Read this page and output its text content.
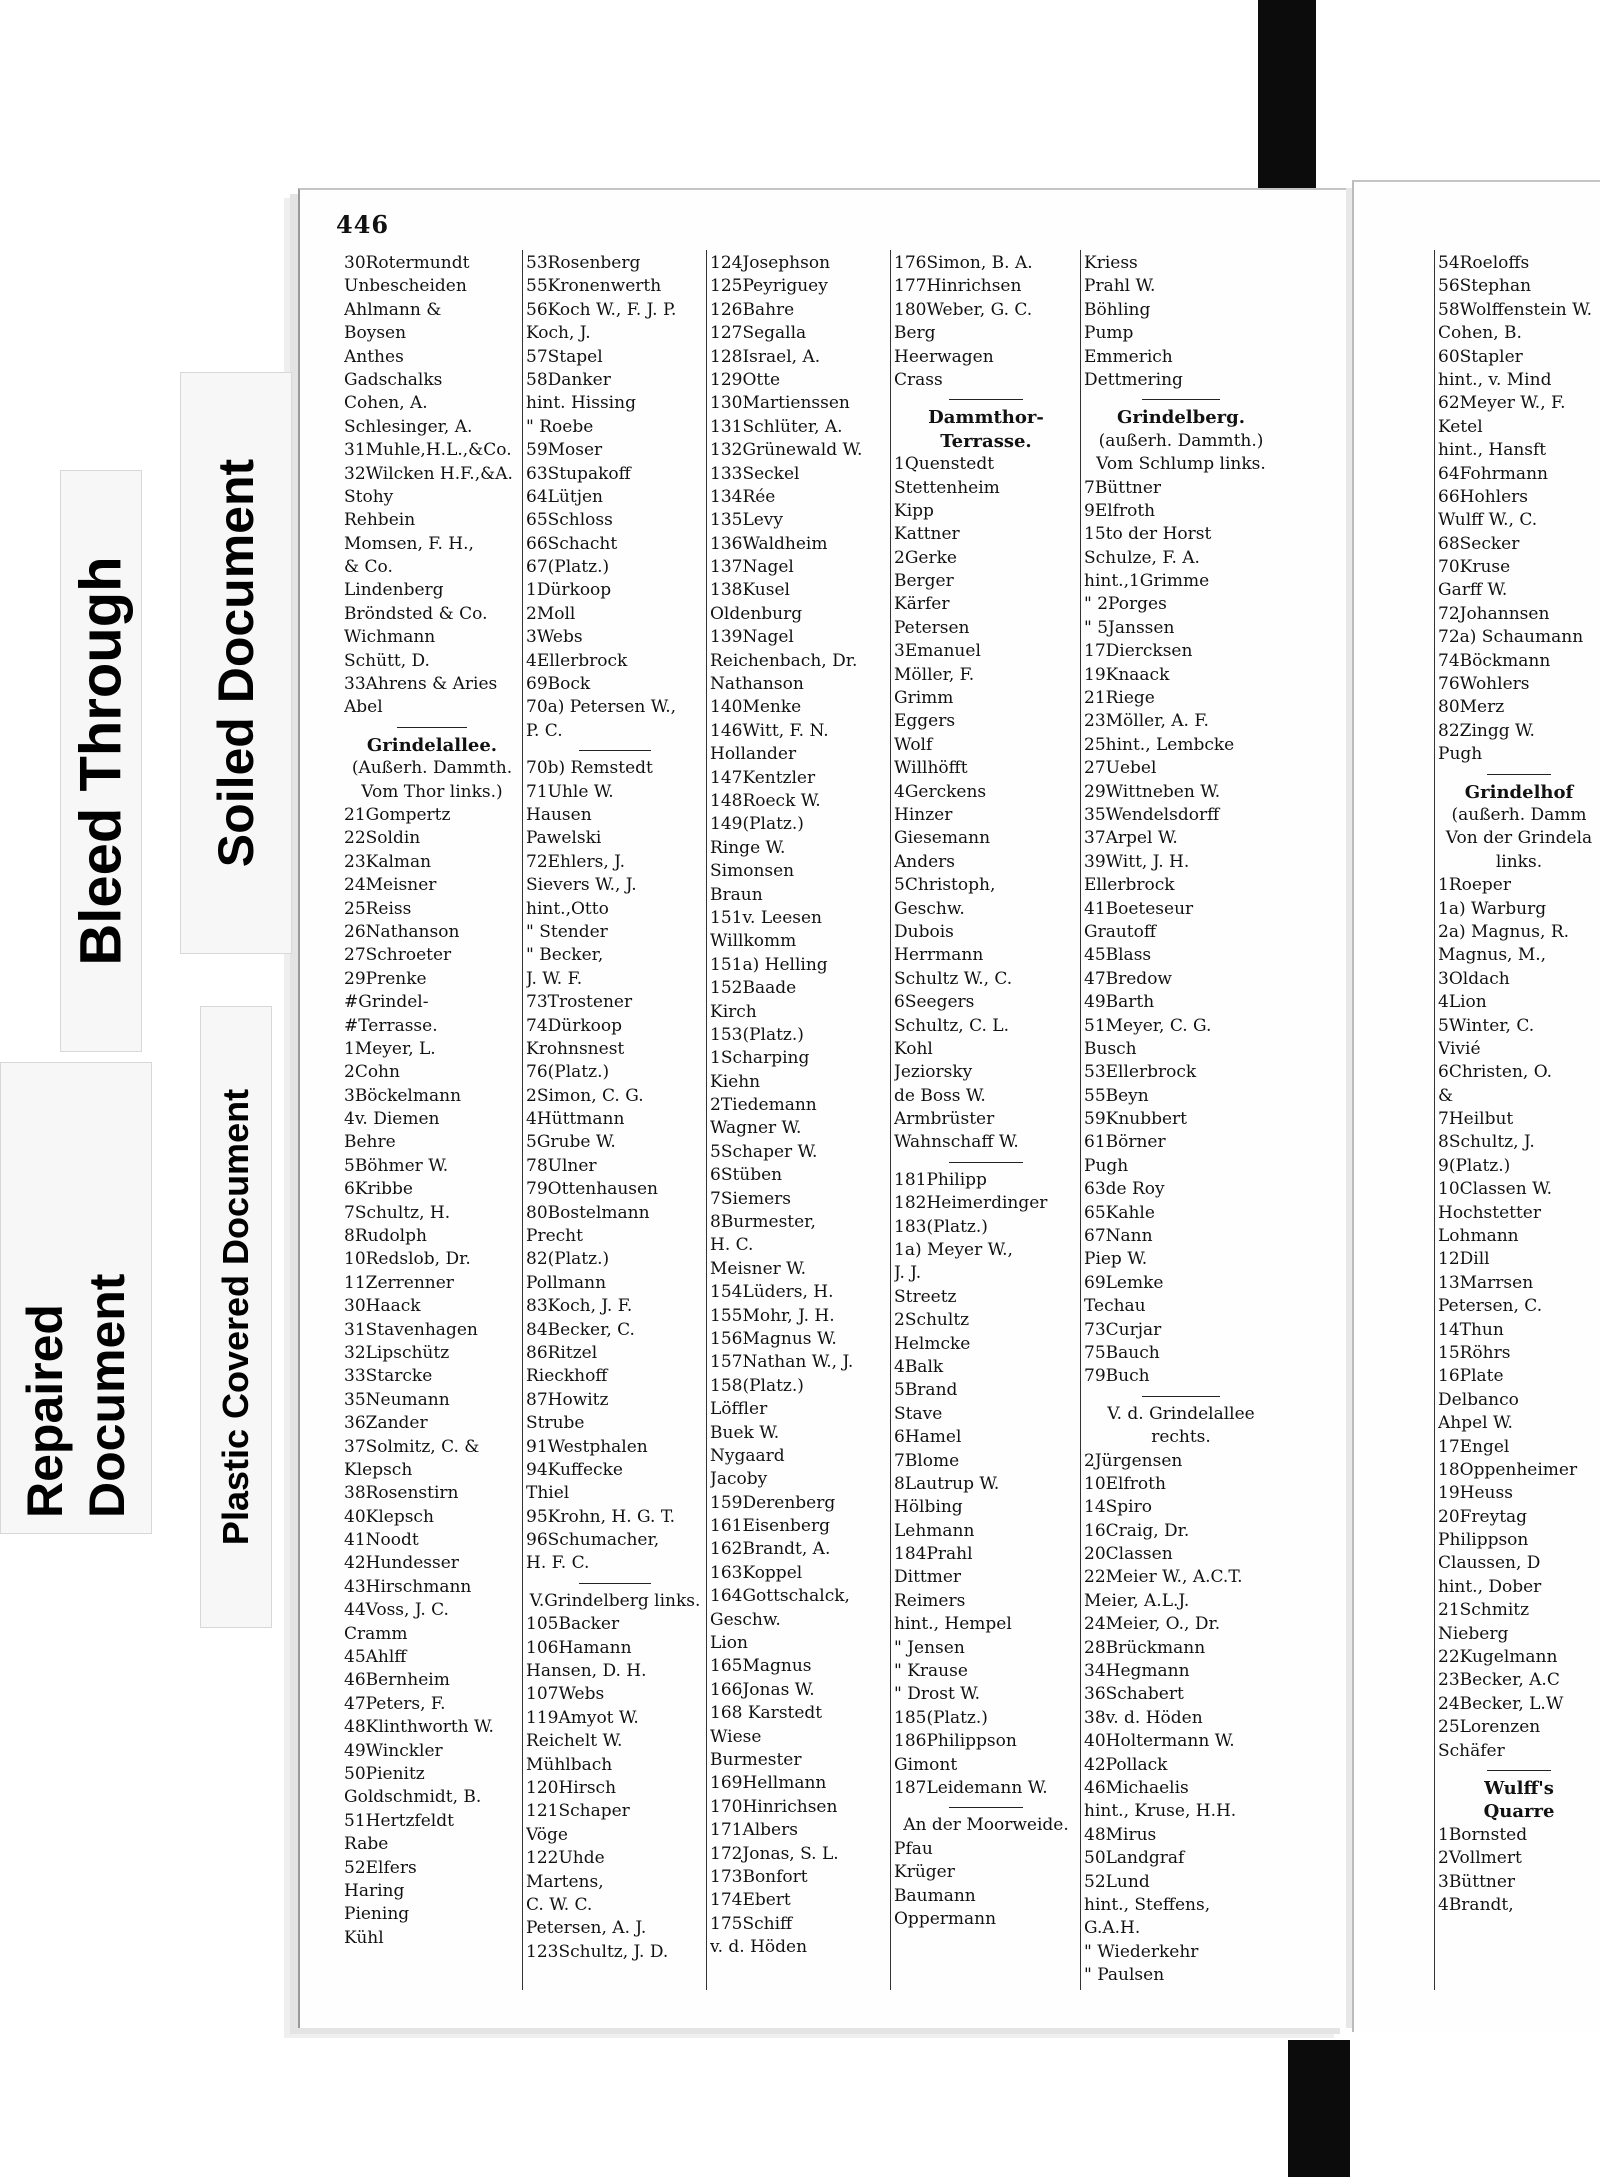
Repaired Document Plastic Covered Document
Bleed Through Soiled Document
446
30Rotermundt
Unbescheiden
Ahlmann &
Boysen
Anthes
Gadschalks
Cohen, A.
Schlesinger, A.
31Muhle,H.L.,&Co.
32Wilcken H.F.,&A.
Stohy
Rehbein
Momsen, F. H.,
& Co.
Lindenberg
Bröndsted & Co.
Wichmann
Schütt, D.
33Ahrens & Aries
Abel
Grindelallee.
(Außerh. Dammth.
Vom Thor links.)
21Gompertz
22Soldin
23Kalman
24Meisner
25Reiss
26Nathanson
27Schroeter
29Prenke
#Grindel-
#Terrasse.
1Meyer, L.
2Cohn
3Böckelmann
4v. Diemen
Behre
5Böhmer W.
6Kribbe
7Schultz, H.
8Rudolph
10Redslob, Dr.
11Zerrenner
30Haack
31Stavenhagen
32Lipschütz
33Starcke
35Neumann
36Zander
37Solmitz, C. &
Klepsch
38Rosenstirn
40Klepsch
41Noodt
42Hundesser
43Hirschmann
44Voss, J. C.
Cramm
45Ahlff
46Bernheim
47Peters, F.
48Klinthworth W.
49Winckler
50Pienitz
Goldschmidt, B.
51Hertzfeldt
Rabe
52Elfers
Haring
Piening
Kühl
53Rosenberg
55Kronenwerth
56Koch W., F. J. P.
Koch, J.
57Stapel
58Danker
hint. Hissing
" Roebe
59Moser
63Stupakoff
64Lütjen
65Schloss
66Schacht
67(Platz.)
1Dürkoop
2Moll
3Webs
4Ellerbrock
69Bock
70a) Petersen W.,
P. C.
70b) Remstedt
71Uhle W.
Hausen
Pawelski
72Ehlers, J.
Sievers W., J.
hint.,Otto
" Stender
" Becker,
J. W. F.
73Trostener
74Dürkoop
Krohnsnest
76(Platz.)
2Simon, C. G.
4Hüttmann
5Grube W.
78Ulner
79Ottenhausen
80Bostelmann
Precht
82(Platz.)
Pollmann
83Koch, J. F.
84Becker, C.
86Ritzel
Rieckhoff
87Howitz
Strube
91Westphalen
94Kuffecke
Thiel
95Krohn, H. G. T.
96Schumacher,
H. F. C.
V.Grindelberg links.
105Backer
106Hamann
Hansen, D. H.
107Webs
119Amyot W.
Reichelt W.
Mühlbach
120Hirsch
121Schaper
Vöge
122Uhde
Martens,
C. W. C.
Petersen, A. J.
123Schultz, J. D.
124Josephson
125Peyriguey
126Bahre
127Segalla
128Israel, A.
129Otte
130Martienssen
131Schlüter, A.
132Grünewald W.
133Seckel
134Rée
135Levy
136Waldheim
137Nagel
138Kusel
Oldenburg
139Nagel
Reichenbach, Dr.
Nathanson
140Menke
146Witt, F. N.
Hollander
147Kentzler
148Roeck W.
149(Platz.)
Ringe W.
Simonsen
Braun
151v. Leesen
Willkomm
151a) Helling
152Baade
Kirch
153(Platz.)
1Scharping
Kiehn
2Tiedemann
Wagner W.
5Schaper W.
6Stüben
7Siemers
8Burmester,
H. C.
Meisner W.
154Lüders, H.
155Mohr, J. H.
156Magnus W.
157Nathan W., J.
158(Platz.)
Löffler
Buek W.
Nygaard
Jacoby
159Derenberg
161Eisenberg
162Brandt, A.
163Koppel
164Gottschalck,
Geschw.
Lion
165Magnus
166Jonas W.
168 Karstedt
Wiese
Burmester
169Hellmann
170Hinrichsen
171Albers
172Jonas, S. L.
173Bonfort
174Ebert
175Schiff
v. d. Höden
176Simon, B. A.
177Hinrichsen
180Weber, G. C.
Berg
Heerwagen
Crass
Dammthor-
Terrasse.
1Quenstedt
Stettenheim
Kipp
Kattner
2Gerke
Berger
Kärfer
Petersen
3Emanuel
Möller, F.
Grimm
Eggers
Wolf
Willhöfft
4Gerckens
Hinzer
Giesemann
Anders
5Christoph,
Geschw.
Dubois
Herrmann
Schultz W., C.
6Seegers
Schultz, C. L.
Kohl
Jeziorsky
de Boss W.
Armbrüster
Wahnschaff W.
181Philipp
182Heimerdinger
183(Platz.)
1a) Meyer W.,
J. J.
Streetz
2Schultz
Helmcke
4Balk
5Brand
Stave
6Hamel
7Blome
8Lautrup W.
Hölbing
Lehmann
184Prahl
Dittmer
Reimers
hint., Hempel
" Jensen
" Krause
" Drost W.
185(Platz.)
186Philippson
Gimont
187Leidemann W.
An der Moorweide.
Pfau
Krüger
Baumann
Oppermann
Kriess
Prahl W.
Böhling
Pump
Emmerich
Dettmering
Grindelberg.
(außerh. Dammth.)
Vom Schlump links.
7Büttner
9Elfroth
15to der Horst
Schulze, F. A.
hint.,1Grimme
" 2Porges
" 5Janssen
17Diercksen
19Knaack
21Riege
23Möller, A. F.
25hint., Lembcke
27Uebel
29Wittneben W.
35Wendelsdorff
37Arpel W.
39Witt, J. H.
Ellerbrock
41Boeteseur
Grautoff
45Blass
47Bredow
49Barth
51Meyer, C. G.
Busch
53Ellerbrock
55Beyn
59Knubbert
61Börner
Pugh
63de Roy
65Kahle
67Nann
Piep W.
69Lemke
Techau
73Curjar
75Bauch
79Buch
V. d. Grindelallee
rechts.
2Jürgensen
10Elfroth
14Spiro
16Craig, Dr.
20Classen
22Meier W., A.C.T.
Meier, A.L.J.
24Meier, O., Dr.
28Brückmann
34Hegmann
36Schabert
38v. d. Höden
40Holtermann W.
42Pollack
46Michaelis
hint., Kruse, H.H.
48Mirus
50Landgraf
52Lund
hint., Steffens,
G.A.H.
" Wiederkehr
" Paulsen
54Roeloffs
56Stephan
58Wolffenstein W.
Cohen, B.
60Stapler
hint., v. Mind
62Meyer W., F.
Ketel
hint., Hansft
64Fohrmann
66Hohlers
Wulff W., C.
68Secker
70Kruse
Garff W.
72Johannsen
72a) Schaumann
74Böckmann
76Wohlers
80Merz
82Zingg W.
Pugh
Grindelhof
(außerh. Damm
Von der Grindela
links.
1Roeper
1a) Warburg
2a) Magnus, R.
Magnus, M.,
3Oldach
4Lion
5Winter, C.
Vivié
6Christen, O.
&
7Heilbut
8Schultz, J.
9(Platz.)
10Classen W.
Hochstetter
Lohmann
12Dill
13Marrsen
Petersen, C.
14Thun
15Röhrs
16Plate
Delbanco
Ahpel W.
17Engel
18Oppenheimer
19Heuss
20Freytag
Philippson
Claussen, D
hint., Dober
21Schmitz
Nieberg
22Kugelmann
23Becker, A.C
24Becker, L.W
25Lorenzen
Schäfer
Wulff's
Quarre
1Bornsted
2Vollmert
3Büttner
4Brandt,
